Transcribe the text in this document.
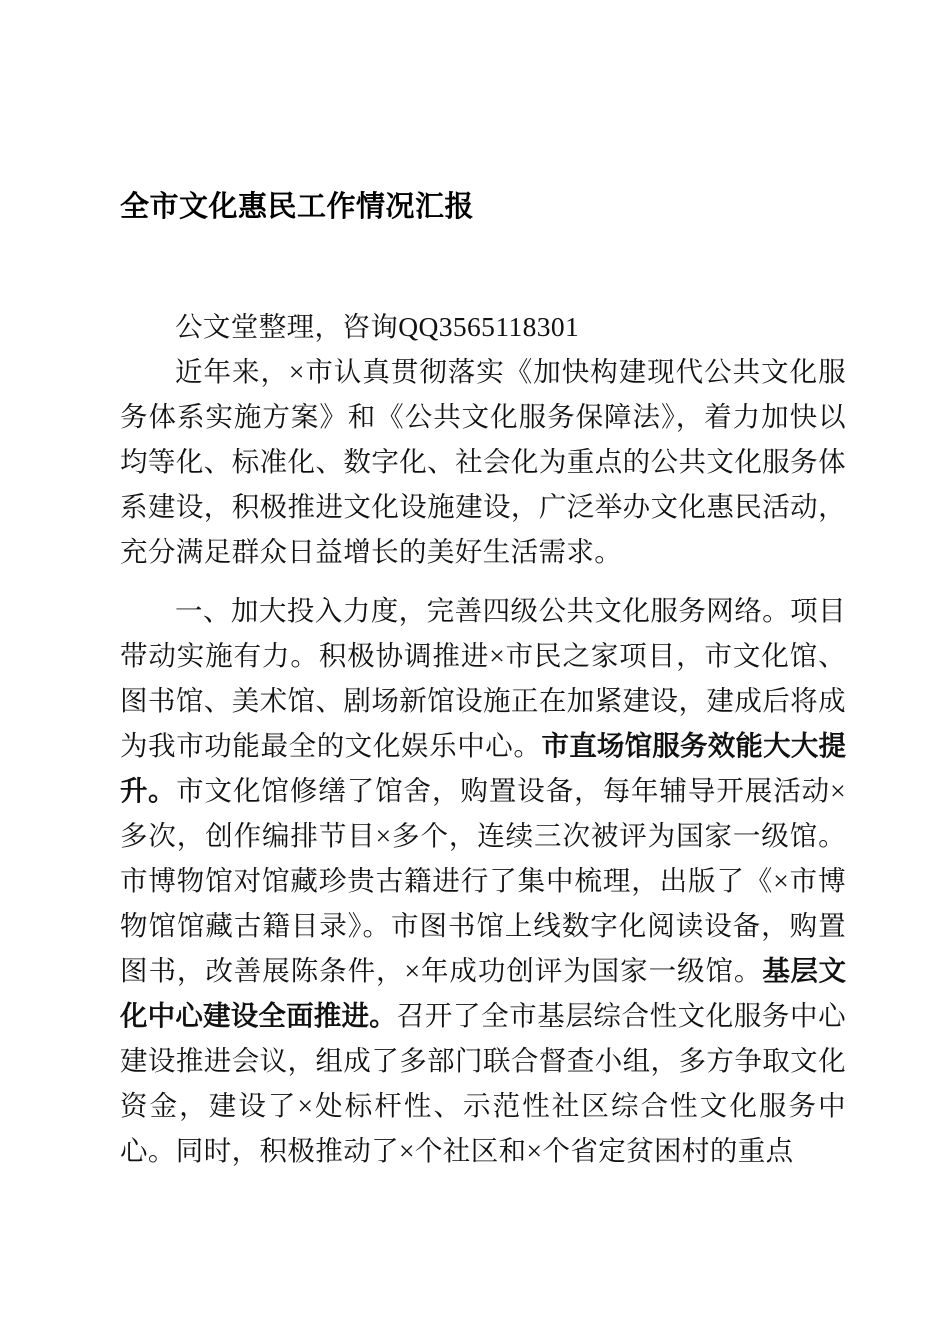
全市文化惠民工作情况汇报

公文堂整理，咨询QQ3565118301

近年来，×市认真贯彻落实《加快构建现代公共文化服务体系实施方案》和《公共文化服务保障法》，着力加快以均等化、标准化、数字化、社会化为重点的公共文化服务体系建设，积极推进文化设施建设，广泛举办文化惠民活动，充分满足群众日益增长的美好生活需求。

一、加大投入力度，完善四级公共文化服务网络。项目带动实施有力。积极协调推进×市民之家项目，市文化馆、图书馆、美术馆、剧场新馆设施正在加紧建设，建成后将成为我市功能最全的文化娱乐中心。市直场馆服务效能大大提升。市文化馆修缮了馆舍，购置设备，每年辅导开展活动×多次，创作编排节目×多个，连续三次被评为国家一级馆。市博物馆对馆藏珍贵古籍进行了集中梳理，出版了《×市博物馆馆藏古籍目录》。市图书馆上线数字化阅读设备，购置图书，改善展陈条件，×年成功创评为国家一级馆。基层文化中心建设全面推进。召开了全市基层综合性文化服务中心建设推进会议，组成了多部门联合督查小组，多方争取文化资金，建设了×处标杆性、示范性社区综合性文化服务中心。同时，积极推动了×个社区和×个省定贫困村的重点
